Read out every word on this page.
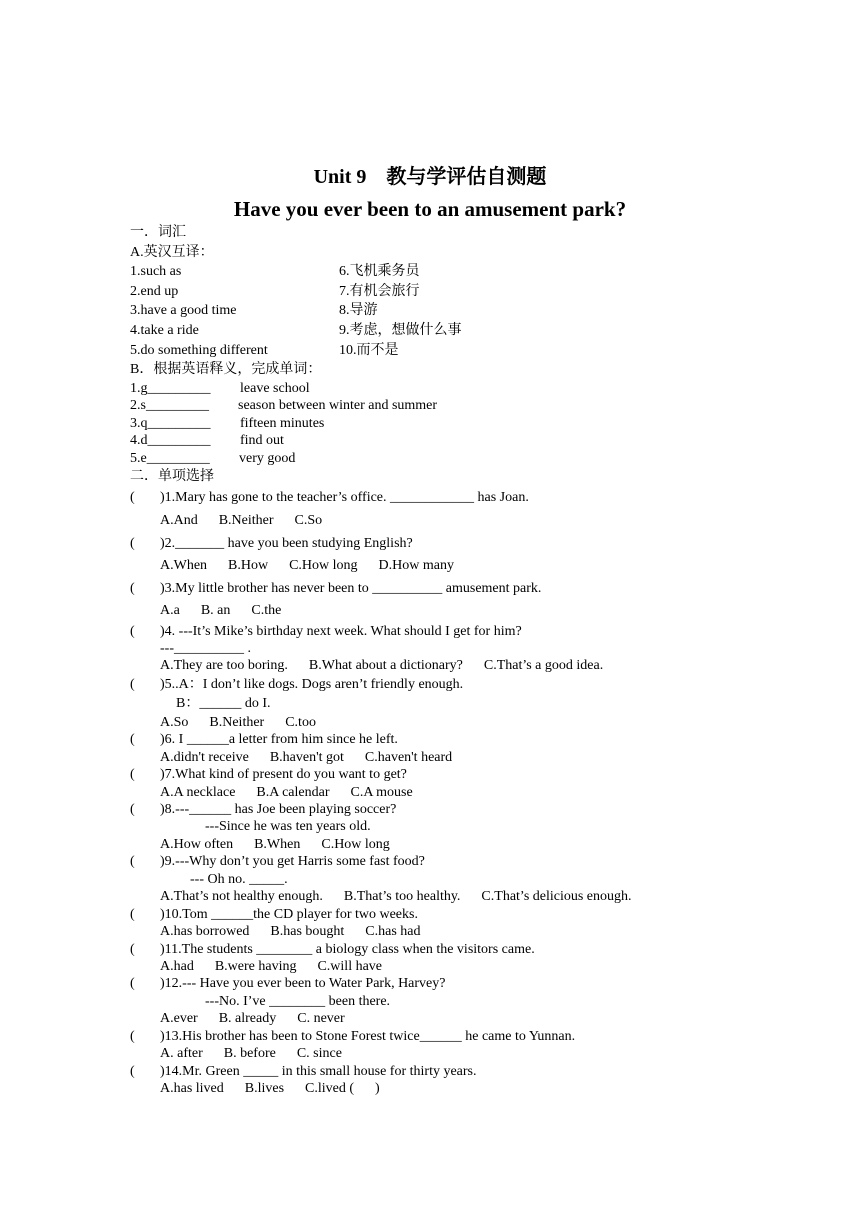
Unit 9　教与学评估自测题
Have you ever been to an amusement park?
一．词汇
A.英汉互译：
1.such as	6.飞机乘务员
2.end up	7.有机会旅行
3.have a good time	8.导游
4.take a ride	9.考虑，想做什么事
5.do something different	10.而不是
B．根据英语释义，完成单词：
1.g_________ leave school
2.s_________ season between winter and summer
3.q_________ fifteen minutes
4.d_________ find out
5.e_________ very good
二．单项选择
( )1.Mary has gone to the teacher’s office. ____________ has Joan.
A.And      B.Neither      C.So
( )2._______ have you been studying English?
A.When      B.How      C.How long      D.How many
( )3.My little brother has never been to __________ amusement park.
A.a      B. an      C.the
( )4. ---It’s Mike’s birthday next week. What should I get for him?
---__________ .
A.They are too boring.      B.What about a dictionary?      C.That’s a good idea.
( )5..A：I don’t like dogs. Dogs aren’t friendly enough.
B：______ do I.
A.So      B.Neither      C.too
( )6. I ______a letter from him since he left.
A.didn't receive      B.haven't got      C.haven't heard
( )7.What kind of present do you want to get?
A.A necklace      B.A calendar      C.A mouse
( )8.---______ has Joe been playing soccer?
---Since he was ten years old.
A.How often      B.When      C.How long
( )9.---Why don’t you get Harris some fast food?
--- Oh no. _____.
A.That’s not healthy enough.      B.That’s too healthy.      C.That’s delicious enough.
( )10.Tom ______the CD player for two weeks.
A.has borrowed      B.has bought      C.has had
( )11.The students ________ a biology class when the visitors came.
A.had      B.were having      C.will have
( )12.--- Have you ever been to Water Park, Harvey?
---No. I’ve ________ been there.
A.ever      B. already      C. never
( )13.His brother has been to Stone Forest twice______ he came to Yunnan.
A. after      B. before      C. since
( )14.Mr. Green _____ in this small house for thirty years.
A.has lived      B.lives      C.lived (      )
